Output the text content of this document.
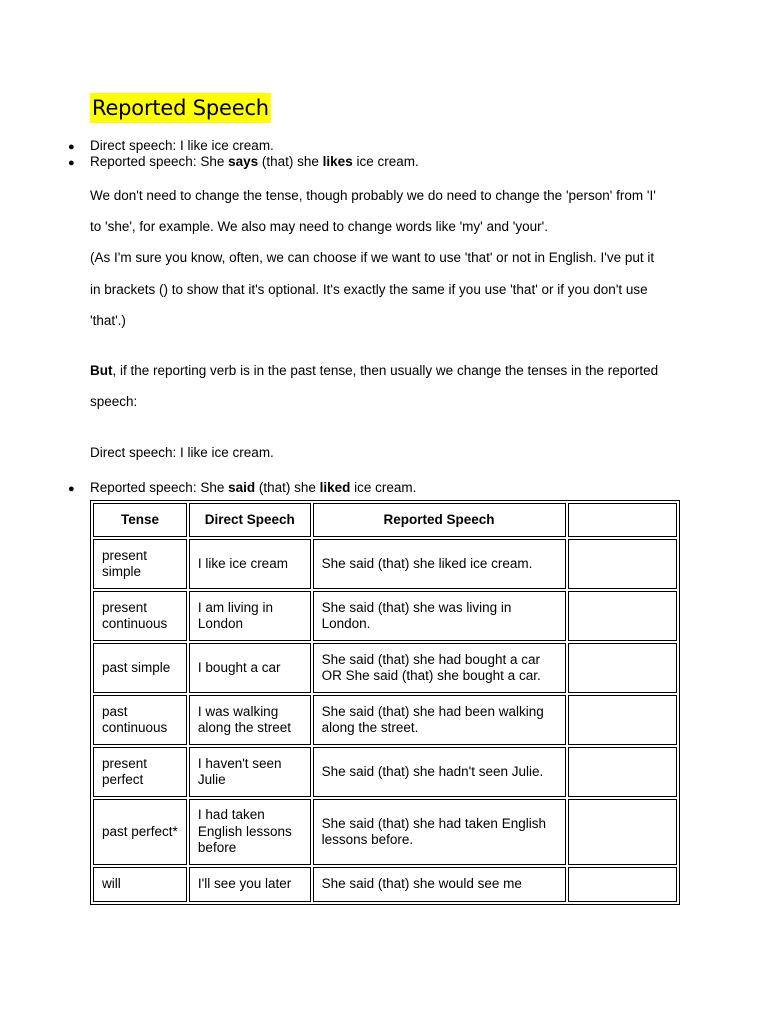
Reported Speech
● Direct speech: I like ice cream.
● Reported speech: She says (that) she likes ice cream.
We don't need to change the tense, though probably we do need to change the 'person' from 'I'
to 'she', for example. We also may need to change words like 'my' and 'your'.
(As I'm sure you know, often, we can choose if we want to use 'that' or not in English. I've put it
in brackets () to show that it's optional. It's exactly the same if you use 'that' or if you don't use
'that'.)
But, if the reporting verb is in the past tense, then usually we change the tenses in the reported
speech:
Direct speech: I like ice cream.
● Reported speech: She said (that) she liked ice cream.
Tense	Direct Speech	Reported Speech	
present simple	I like ice cream	She said (that) she liked ice cream.	
present continuous	I am living in London	She said (that) she was living in London.	
past simple	I bought a car	She said (that) she had bought a car OR She said (that) she bought a car.	
past continuous	I was walking along the street	She said (that) she had been walking along the street.	
present perfect	I haven't seen Julie	She said (that) she hadn't seen Julie.	
past perfect*	I had taken English lessons before	She said (that) she had taken English lessons before.	
will	I'll see you later	She said (that) she would see me	
